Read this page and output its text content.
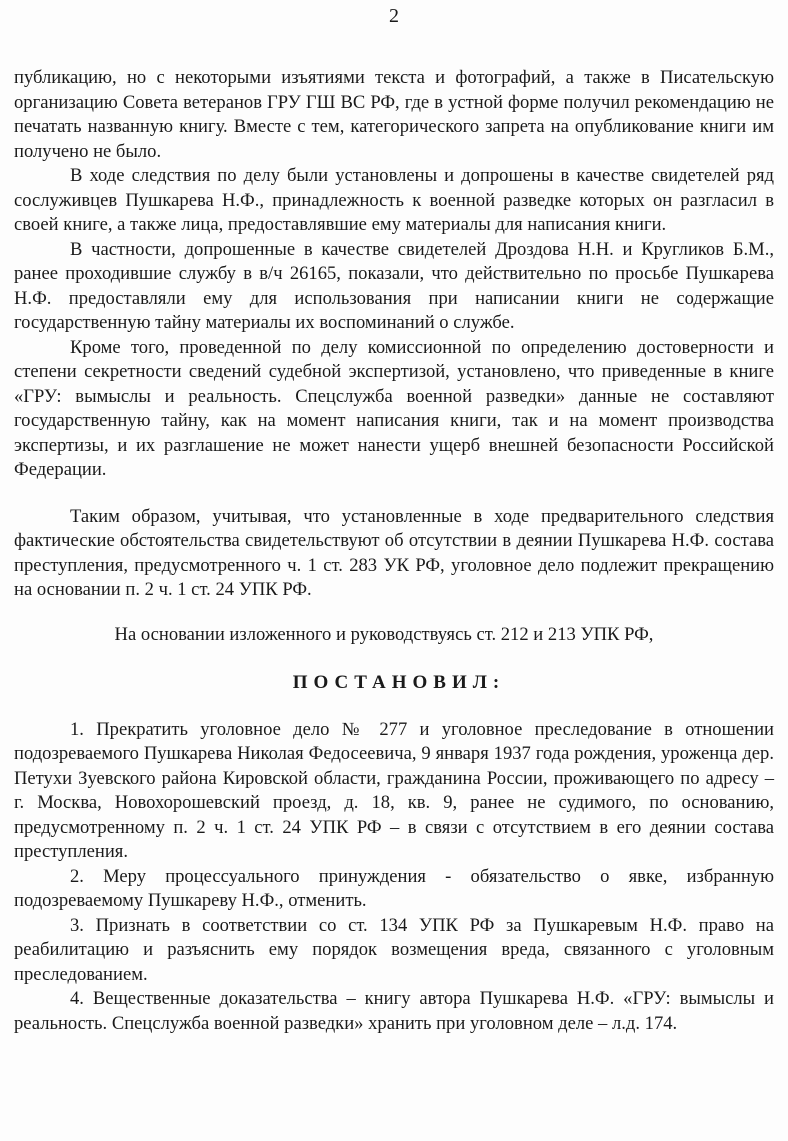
2

публикацию, но с некоторыми изъятиями текста и фотографий, а также в Писательскую организацию Совета ветеранов ГРУ ГШ ВС РФ, где в устной форме получил рекомендацию не печатать названную книгу. Вместе с тем, категорического запрета на опубликование книги им получено не было.

В ходе следствия по делу были установлены и допрошены в качестве свидетелей ряд сослуживцев Пушкарева Н.Ф., принадлежность к военной разведке которых он разгласил в своей книге, а также лица, предоставлявшие ему материалы для написания книги.

В частности, допрошенные в качестве свидетелей Дроздова Н.Н. и Кругликов Б.М., ранее проходившие службу в в/ч 26165, показали, что действительно по просьбе Пушкарева Н.Ф. предоставляли ему для использования при написании книги не содержащие государственную тайну материалы их воспоминаний о службе.

Кроме того, проведенной по делу комиссионной по определению достоверности и степени секретности сведений судебной экспертизой, установлено, что приведенные в книге «ГРУ: вымыслы и реальность. Спецслужба военной разведки» данные не составляют государственную тайну, как на момент написания книги, так и на момент производства экспертизы, и их разглашение не может нанести ущерб внешней безопасности Российской Федерации.

Таким образом, учитывая, что установленные в ходе предварительного следствия фактические обстоятельства свидетельствуют об отсутствии в деянии Пушкарева Н.Ф. состава преступления, предусмотренного ч. 1 ст. 283 УК РФ, уголовное дело подлежит прекращению на основании п. 2 ч. 1 ст. 24 УПК РФ.

На основании изложенного и руководствуясь ст. 212 и 213 УПК РФ,

ПОСТАНОВИЛ:

1. Прекратить уголовное дело № 277 и уголовное преследование в отношении подозреваемого Пушкарева Николая Федосеевича, 9 января 1937 года рождения, уроженца дер. Петухи Зуевского района Кировской области, гражданина России, проживающего по адресу – г. Москва, Новохорошевский проезд, д. 18, кв. 9, ранее не судимого, по основанию, предусмотренному п. 2 ч. 1 ст. 24 УПК РФ – в связи с отсутствием в его деянии состава преступления.

2. Меру процессуального принуждения - обязательство о явке, избранную подозреваемому Пушкареву Н.Ф., отменить.

3. Признать в соответствии со ст. 134 УПК РФ за Пушкаревым Н.Ф. право на реабилитацию и разъяснить ему порядок возмещения вреда, связанного с уголовным преследованием.

4. Вещественные доказательства – книгу автора Пушкарева Н.Ф. «ГРУ: вымыслы и реальность. Спецслужба военной разведки» хранить при уголовном деле – л.д. 174.
